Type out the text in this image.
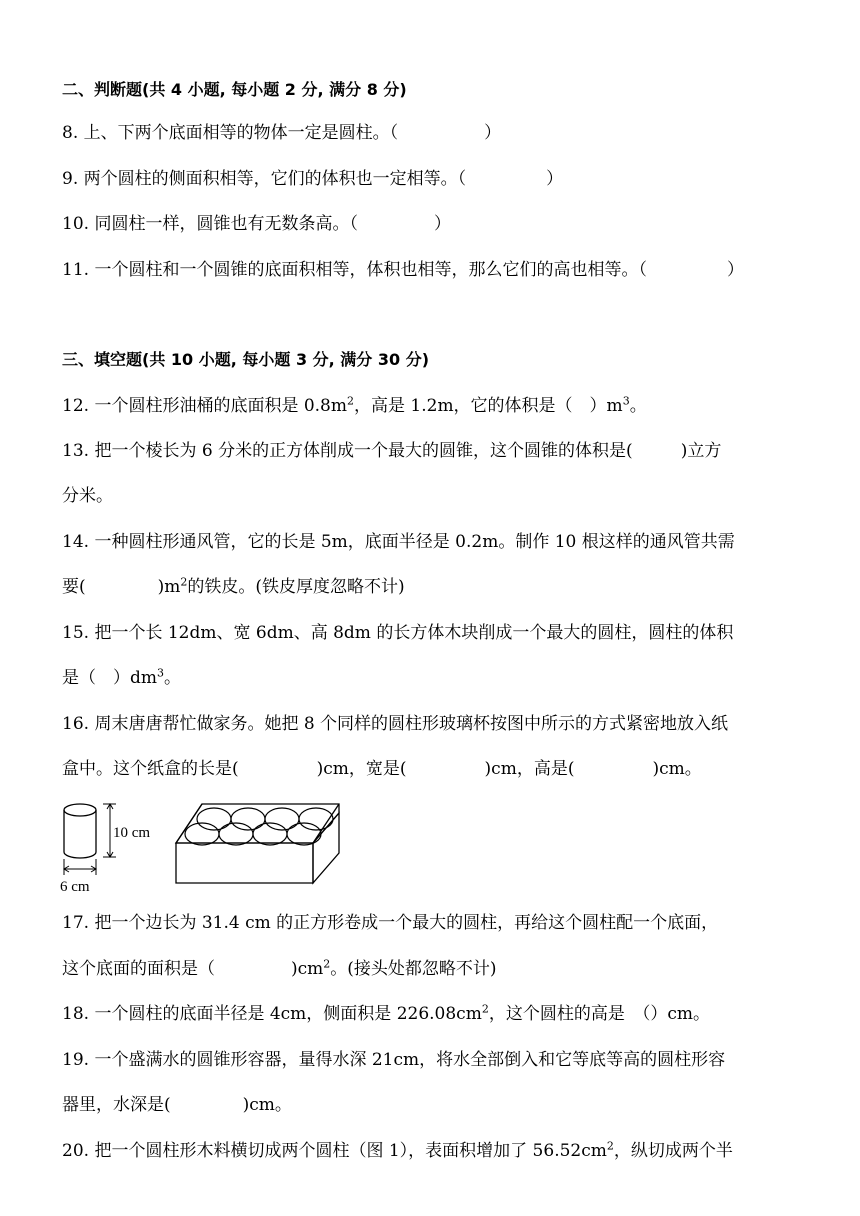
二、判断题(共 4 小题, 每小题 2 分, 满分 8 分)
8. 上、下两个底面相等的物体一定是圆柱。（	）
9. 两个圆柱的侧面积相等，它们的体积也一定相等。（	）
10. 同圆柱一样，圆锥也有无数条高。（	）
11. 一个圆柱和一个圆锥的底面积相等，体积也相等，那么它们的高也相等。（	）
三、填空题(共 10 小题, 每小题 3 分, 满分 30 分)
12. 一个圆柱形油桶的底面积是 $0.8m^2$，高是 1.2m，它的体积是（　）$m^3$。
13. 把一个棱长为 6 分米的正方体削成一个最大的圆锥，这个圆锥的体积是(	)立方
分米。
14. 一种圆柱形通风管，它的长是 5m，底面半径是 0.2m。制作 10 根这样的通风管共需
要(	)$m^2$的铁皮。(铁皮厚度忽略不计)
15. 把一个长 12dm、宽 6dm、高 8dm 的长方体木块削成一个最大的圆柱，圆柱的体积
是（　）$dm^3$。
16. 周末唐唐帮忙做家务。她把 8 个同样的圆柱形玻璃杯按图中所示的方式紧密地放入纸
盒中。这个纸盒的长是(	)cm，宽是(	)cm，高是(	)cm。
10 cm
6 cm
17. 把一个边长为 31.4 cm 的正方形卷成一个最大的圆柱，再给这个圆柱配一个底面，
这个底面的面积是（	)$cm^2$。(接头处都忽略不计)
18. 一个圆柱的底面半径是 4cm，侧面积是 $226.08cm^2$，这个圆柱的高是　（）cm。
19. 一个盛满水的圆锥形容器，量得水深 21cm，将水全部倒入和它等底等高的圆柱形容
器里，水深是(	)cm。
20. 把一个圆柱形木料横切成两个圆柱（图 1），表面积增加了 $56.52cm^2$，纵切成两个半
